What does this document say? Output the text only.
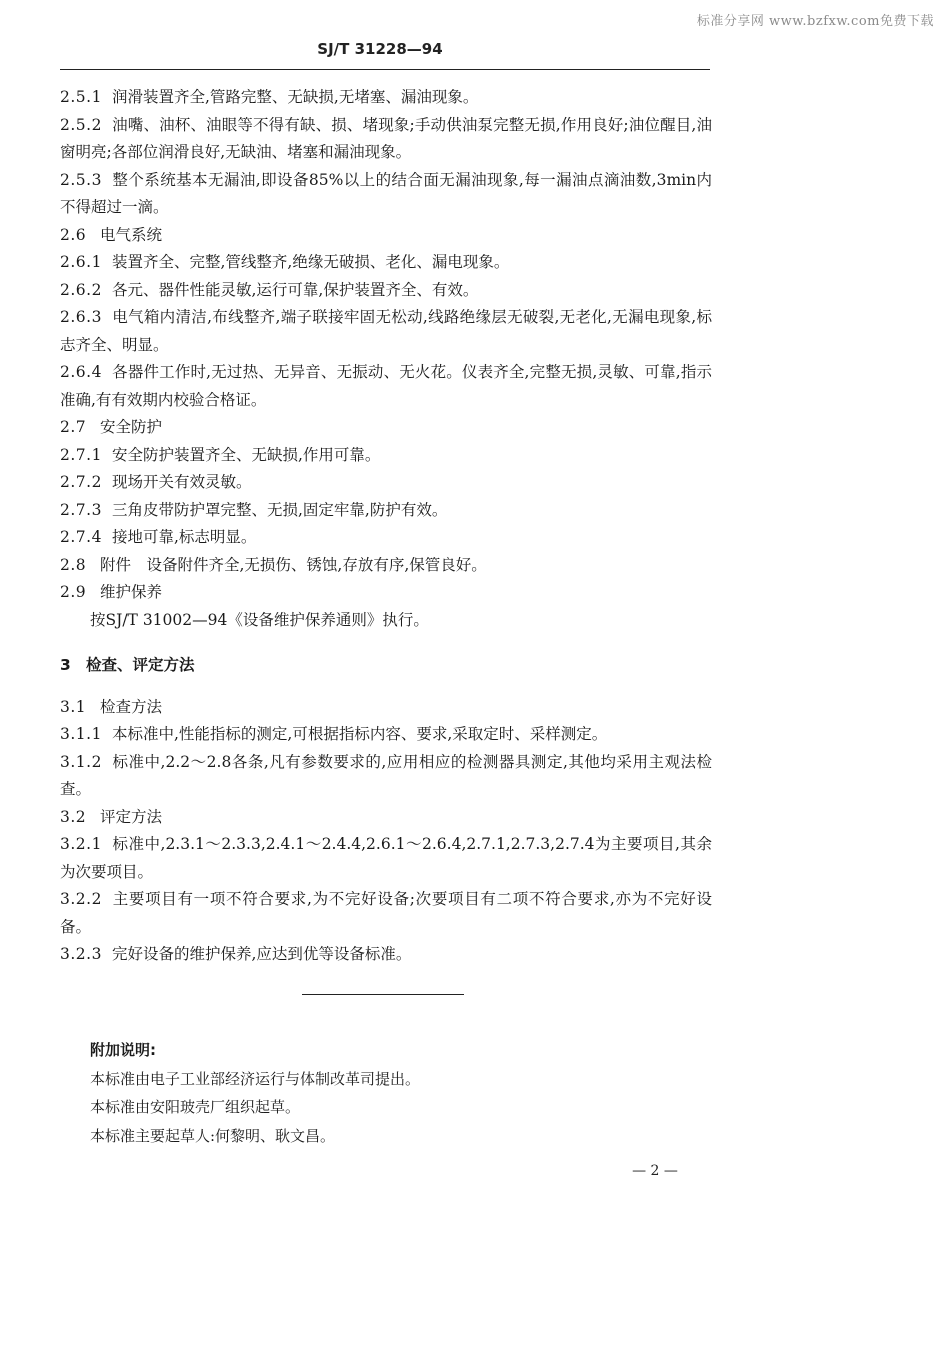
标准分享网 www.bzfxw.com免费下载
SJ/T 31228—94

2.5.1 润滑装置齐全,管路完整、无缺损,无堵塞、漏油现象。

2.5.2 油嘴、油杯、油眼等不得有缺、损、堵现象;手动供油泵完整无损,作用良好;油位醒目,油窗明亮;各部位润滑良好,无缺油、堵塞和漏油现象。

2.5.3 整个系统基本无漏油,即设备85%以上的结合面无漏油现象,每一漏油点滴油数,3min内不得超过一滴。

2.6 电气系统

2.6.1 装置齐全、完整,管线整齐,绝缘无破损、老化、漏电现象。

2.6.2 各元、器件性能灵敏,运行可靠,保护装置齐全、有效。

2.6.3 电气箱内清洁,布线整齐,端子联接牢固无松动,线路绝缘层无破裂,无老化,无漏电现象,标志齐全、明显。

2.6.4 各器件工作时,无过热、无异音、无振动、无火花。仪表齐全,完整无损,灵敏、可靠,指示准确,有有效期内校验合格证。

2.7 安全防护

2.7.1 安全防护装置齐全、无缺损,作用可靠。

2.7.2 现场开关有效灵敏。

2.7.3 三角皮带防护罩完整、无损,固定牢靠,防护有效。

2.7.4 接地可靠,标志明显。

2.8 附件　设备附件齐全,无损伤、锈蚀,存放有序,保管良好。

2.9 维护保养

按SJ/T 31002—94《设备维护保养通则》执行。

3 检查、评定方法

3.1 检查方法

3.1.1 本标准中,性能指标的测定,可根据指标内容、要求,采取定时、采样测定。

3.1.2 标准中,2.2～2.8各条,凡有参数要求的,应用相应的检测器具测定,其他均采用主观法检查。

3.2 评定方法

3.2.1 标准中,2.3.1～2.3.3,2.4.1～2.4.4,2.6.1～2.6.4,2.7.1,2.7.3,2.7.4为主要项目,其余为次要项目。

3.2.2 主要项目有一项不符合要求,为不完好设备;次要项目有二项不符合要求,亦为不完好设备。

3.2.3 完好设备的维护保养,应达到优等设备标准。

附加说明:
本标准由电子工业部经济运行与体制改革司提出。
本标准由安阳玻壳厂组织起草。
本标准主要起草人:何黎明、耿文昌。
— 2 —
